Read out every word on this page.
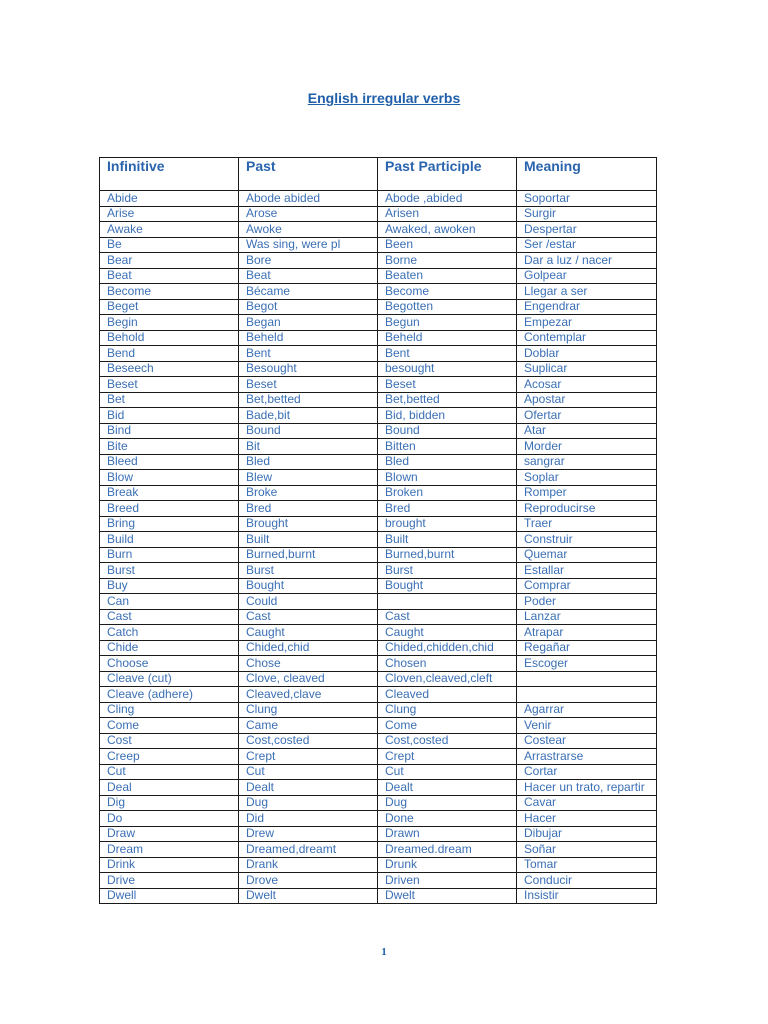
English irregular verbs
Infinitive	Past	Past Participle	Meaning
Abide	Abode abided	Abode ,abided	Soportar
Arise	Arose	Arisen	Surgir
Awake	Awoke	Awaked, awoken	Despertar
Be	Was sing, were pl	Been	Ser /estar
Bear	Bore	Borne	Dar a luz / nacer
Beat	Beat	Beaten	Golpear
Become	Bécame	Become	Llegar a ser
Beget	Begot	Begotten	Engendrar
Begin	Began	Begun	Empezar
Behold	Beheld	Beheld	Contemplar
Bend	Bent	Bent	Doblar
Beseech	Besought	besought	Suplicar
Beset	Beset	Beset	Acosar
Bet	Bet,betted	Bet,betted	Apostar
Bid	Bade,bit	Bid, bidden	Ofertar
Bind	Bound	Bound	Atar
Bite	Bit	Bitten	Morder
Bleed	Bled	Bled	sangrar
Blow	Blew	Blown	Soplar
Break	Broke	Broken	Romper
Breed	Bred	Bred	Reproducirse
Bring	Brought	brought	Traer
Build	Built	Built	Construir
Burn	Burned,burnt	Burned,burnt	Quemar
Burst	Burst	Burst	Estallar
Buy	Bought	Bought	Comprar
Can	Could		Poder
Cast	Cast	Cast	Lanzar
Catch	Caught	Caught	Atrapar
Chide	Chided,chid	Chided,chidden,chid	Regañar
Choose	Chose	Chosen	Escoger
Cleave (cut)	Clove, cleaved	Cloven,cleaved,cleft	
Cleave (adhere)	Cleaved,clave	Cleaved	
Cling	Clung	Clung	Agarrar
Come	Came	Come	Venir
Cost	Cost,costed	Cost,costed	Costear
Creep	Crept	Crept	Arrastrarse
Cut	Cut	Cut	Cortar
Deal	Dealt	Dealt	Hacer un trato, repartir
Dig	Dug	Dug	Cavar
Do	Did	Done	Hacer
Draw	Drew	Drawn	Dibujar
Dream	Dreamed,dreamt	Dreamed.dream	Soñar
Drink	Drank	Drunk	Tomar
Drive	Drove	Driven	Conducir
Dwell	Dwelt	Dwelt	Insistir
1
